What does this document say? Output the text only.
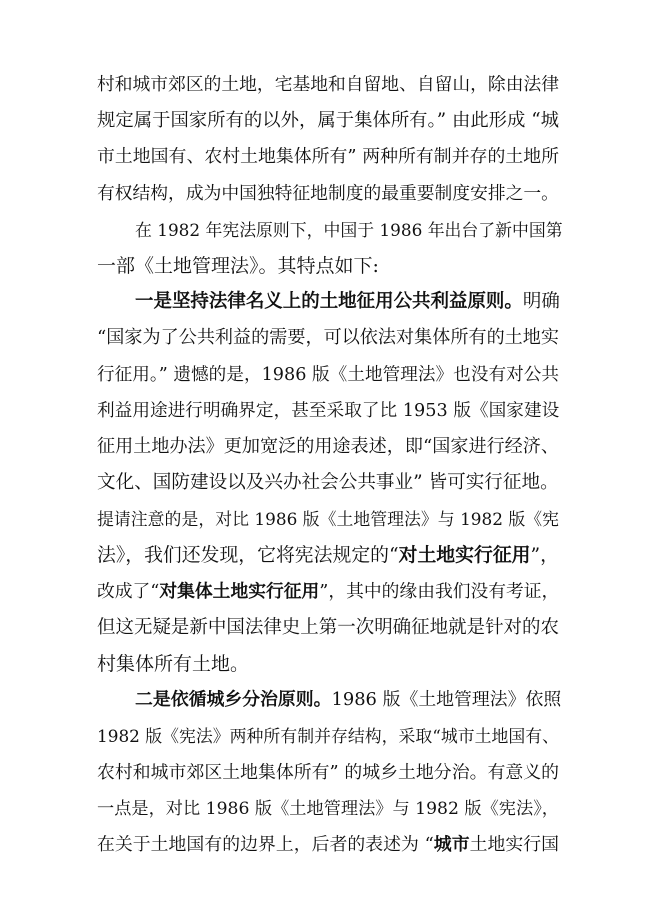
村和城市郊区的土地，宅基地和自留地、自留山，除由法律
规定属于国家所有的以外，属于集体所有。” 由此形成 “城
市土地国有、农村土地集体所有” 两种所有制并存的土地所
有权结构，成为中国独特征地制度的最重要制度安排之一。
在 1982 年宪法原则下，中国于 1986 年出台了新中国第
一部《土地管理法》。其特点如下:
一是坚持法律名义上的土地征用公共利益原则。明确
“国家为了公共利益的需要，可以依法对集体所有的土地实
行征用。” 遗憾的是，1986 版《土地管理法》也没有对公共
利益用途进行明确界定，甚至采取了比 1953 版《国家建设
征用土地办法》更加宽泛的用途表述，即“国家进行经济、
文化、国防建设以及兴办社会公共事业” 皆可实行征地。
提请注意的是，对比 1986 版《土地管理法》与 1982 版《宪
法》，我们还发现，它将宪法规定的“对土地实行征用”，
改成了“对集体土地实行征用”，其中的缘由我们没有考证，
但这无疑是新中国法律史上第一次明确征地就是针对的农
村集体所有土地。
二是依循城乡分治原则。1986 版《土地管理法》依照
1982 版《宪法》两种所有制并存结构，采取“城市土地国有、
农村和城市郊区土地集体所有” 的城乡土地分治。有意义的
一点是，对比 1986 版《土地管理法》与 1982 版《宪法》，
在关于土地国有的边界上，后者的表述为 “城市土地实行国
